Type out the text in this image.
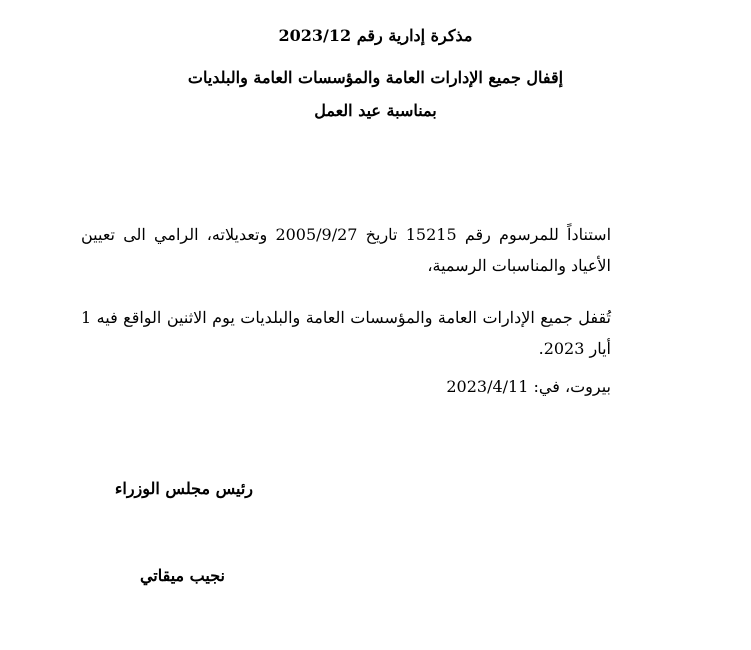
مذكرة إدارية رقم 2023/12
إقفال جميع الإدارات العامة والمؤسسات العامة والبلديات
بمناسبة عيد العمل

استناداً للمرسوم رقم 15215 تاريخ 2005/9/27 وتعديلاته، الرامي الى تعيين الأعياد والمناسبات الرسمية،

تُقفل جميع الإدارات العامة والمؤسسات العامة والبلديات يوم الاثنين الواقع فيه 1 أيار 2023.

بيروت، في: 2023/4/11
رئيس مجلس الوزراء
نجيب ميقاتي
